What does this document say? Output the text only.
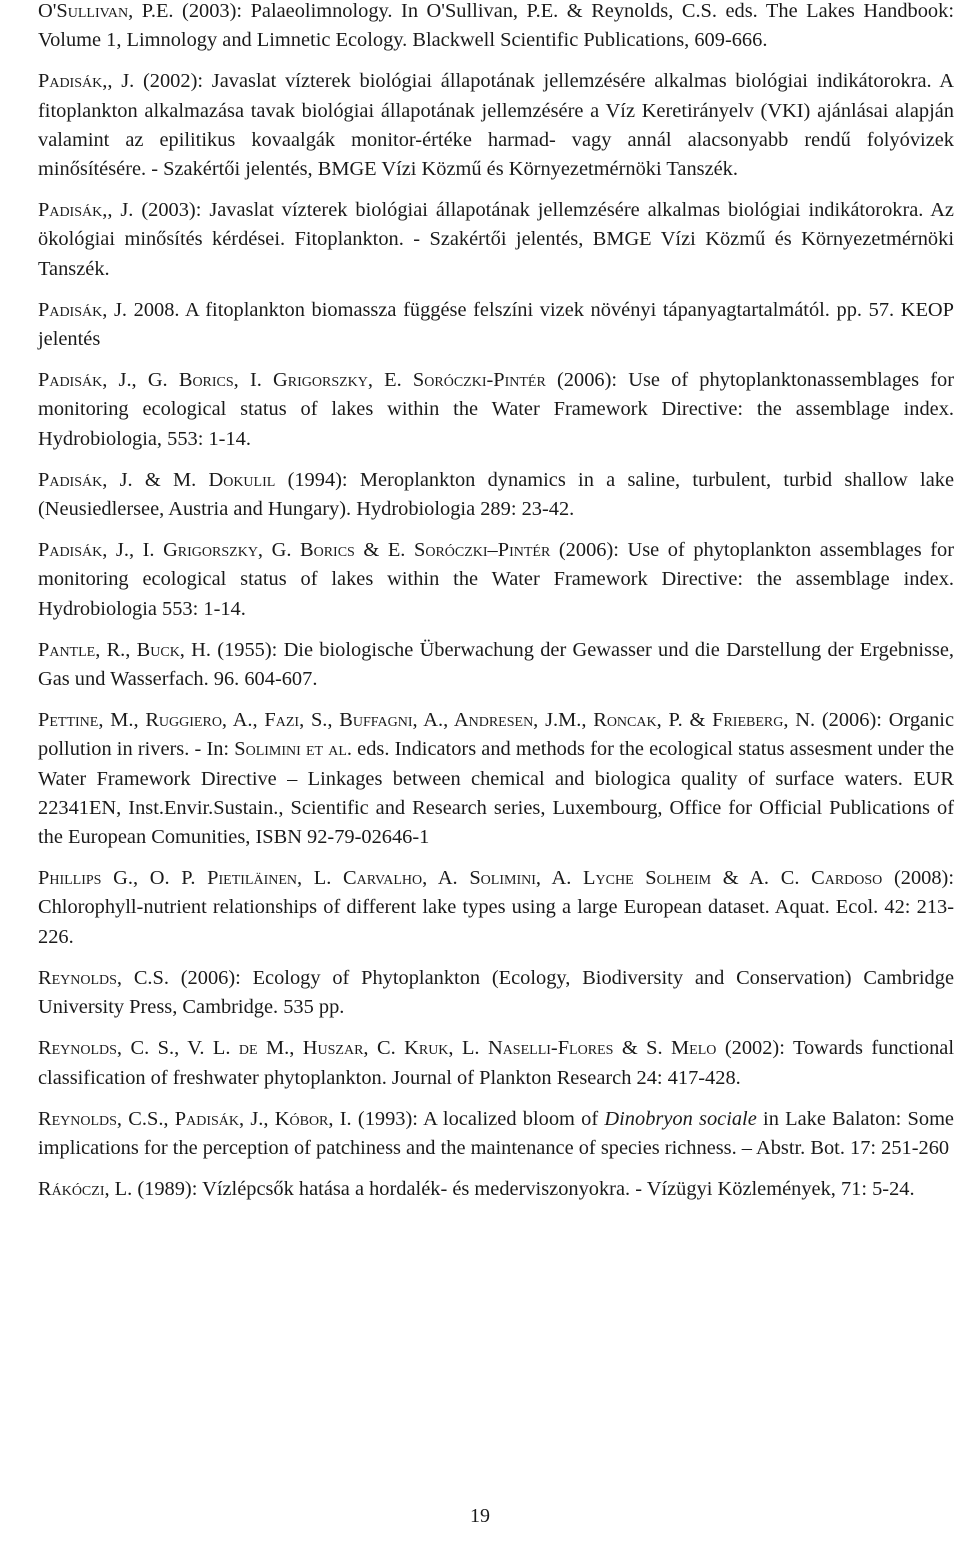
O'Sullivan, P.E. (2003): Palaeolimnology. In O'Sullivan, P.E. & Reynolds, C.S. eds. The Lakes Handbook: Volume 1, Limnology and Limnetic Ecology. Blackwell Scientific Publications, 609-666.

Padisák,, J. (2002): Javaslat vízterek biológiai állapotának jellemzésére alkalmas biológiai indikátorokra. A fitoplankton alkalmazása tavak biológiai állapotának jellemzésére a Víz Keretirányelv (VKI) ajánlásai alapján valamint az epilitikus kovaalgák monitor-értéke harmad- vagy annál alacsonyabb rendű folyóvizek minősítésére. - Szakértői jelentés, BMGE Vízi Közmű és Környezetmérnöki Tanszék.

Padisák,, J. (2003): Javaslat vízterek biológiai állapotának jellemzésére alkalmas biológiai indikátorokra. Az ökológiai minősítés kérdései. Fitoplankton. - Szakértői jelentés, BMGE Vízi Közmű és Környezetmérnöki Tanszék.

Padisák, J. 2008. A fitoplankton biomassza függése felszíni vizek növényi tápanyagtartalmától. pp. 57. KEOP jelentés

Padisák, J., G. Borics, I. Grigorszky, E. Soróczki-Pintér (2006): Use of phytoplanktonassemblages for monitoring ecological status of lakes within the Water Framework Directive: the assemblage index. Hydrobiologia, 553: 1-14.

Padisák, J. & M. Dokulil (1994): Meroplankton dynamics in a saline, turbulent, turbid shallow lake (Neusiedlersee, Austria and Hungary). Hydrobiologia 289: 23-42.

Padisák, J., I. Grigorszky, G. Borics & E. Soróczki–Pintér (2006): Use of phytoplankton assemblages for monitoring ecological status of lakes within the Water Framework Directive: the assemblage index. Hydrobiologia 553: 1-14.

Pantle, R., Buck, H. (1955): Die biologische Überwachung der Gewasser und die Darstellung der Ergebnisse, Gas und Wasserfach. 96. 604-607.

Pettine, M., Ruggiero, A., Fazi, S., Buffagni, A., Andresen, J.M., Roncak, P. & Frieberg, N. (2006): Organic pollution in rivers. - In: Solimini et al. eds. Indicators and methods for the ecological status assesment under the Water Framework Directive – Linkages between chemical and biologica quality of surface waters. EUR 22341EN, Inst.Envir.Sustain., Scientific and Research series, Luxembourg, Office for Official Publications of the European Comunities, ISBN 92-79-02646-1

Phillips G., O. P. Pietiläinen, L. Carvalho, A. Solimini, A. Lyche Solheim & A. C. Cardoso (2008): Chlorophyll-nutrient relationships of different lake types using a large European dataset. Aquat. Ecol. 42: 213-226.

Reynolds, C.S. (2006): Ecology of Phytoplankton (Ecology, Biodiversity and Conservation) Cambridge University Press, Cambridge. 535 pp.

Reynolds, C. S., V. L. de M., Huszar, C. Kruk, L. Naselli-Flores & S. Melo (2002): Towards functional classification of freshwater phytoplankton. Journal of Plankton Research 24: 417-428.

Reynolds, C.S., Padisák, J., Kóbor, I. (1993): A localized bloom of Dinobryon sociale in Lake Balaton: Some implications for the perception of patchiness and the maintenance of species richness. – Abstr. Bot. 17: 251-260

Rákóczi, L. (1989): Vízlépcsők hatása a hordalék- és mederviszonyokra. - Vízügyi Közlemények, 71: 5-24.

19
